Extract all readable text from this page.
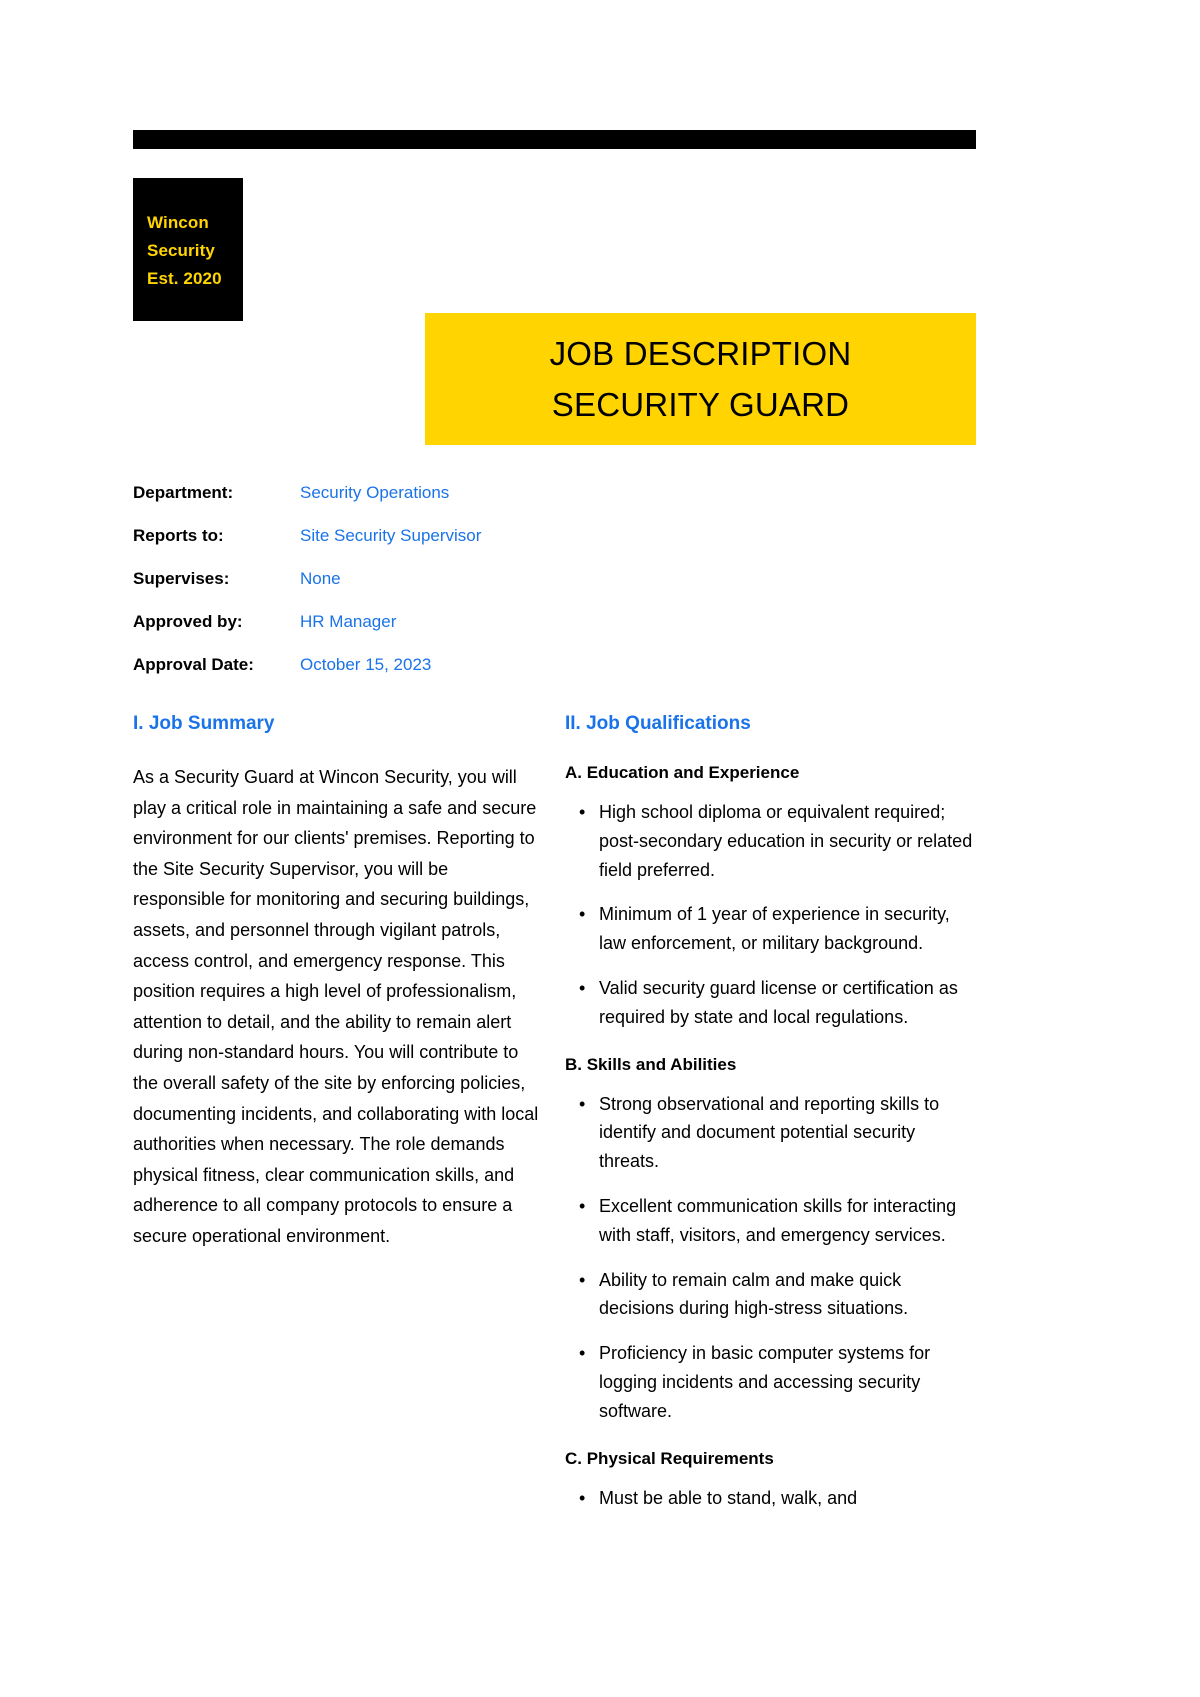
Wincon
Security
Est. 2020
JOB DESCRIPTION
SECURITY GUARD
Department:	Security Operations
Reports to:	Site Security Supervisor
Supervises:	None
Approved by:	HR Manager
Approval Date:	October 15, 2023
I. Job Summary

As a Security Guard at Wincon Security, you will play a critical role in maintaining a safe and secure environment for our clients' premises. Reporting to the Site Security Supervisor, you will be responsible for monitoring and securing buildings, assets, and personnel through vigilant patrols, access control, and emergency response. This position requires a high level of professionalism, attention to detail, and the ability to remain alert during non-standard hours. You will contribute to the overall safety of the site by enforcing policies, documenting incidents, and collaborating with local authorities when necessary. The role demands physical fitness, clear communication skills, and adherence to all company protocols to ensure a secure operational environment.

II. Job Qualifications
A. Education and Experience
• High school diploma or equivalent required; post-secondary education in security or related field preferred.
• Minimum of 1 year of experience in security, law enforcement, or military background.
• Valid security guard license or certification as required by state and local regulations.
B. Skills and Abilities
• Strong observational and reporting skills to identify and document potential security threats.
• Excellent communication skills for interacting with staff, visitors, and emergency services.
• Ability to remain calm and make quick decisions during high-stress situations.
• Proficiency in basic computer systems for logging incidents and accessing security software.
C. Physical Requirements
• Must be able to stand, walk, and
